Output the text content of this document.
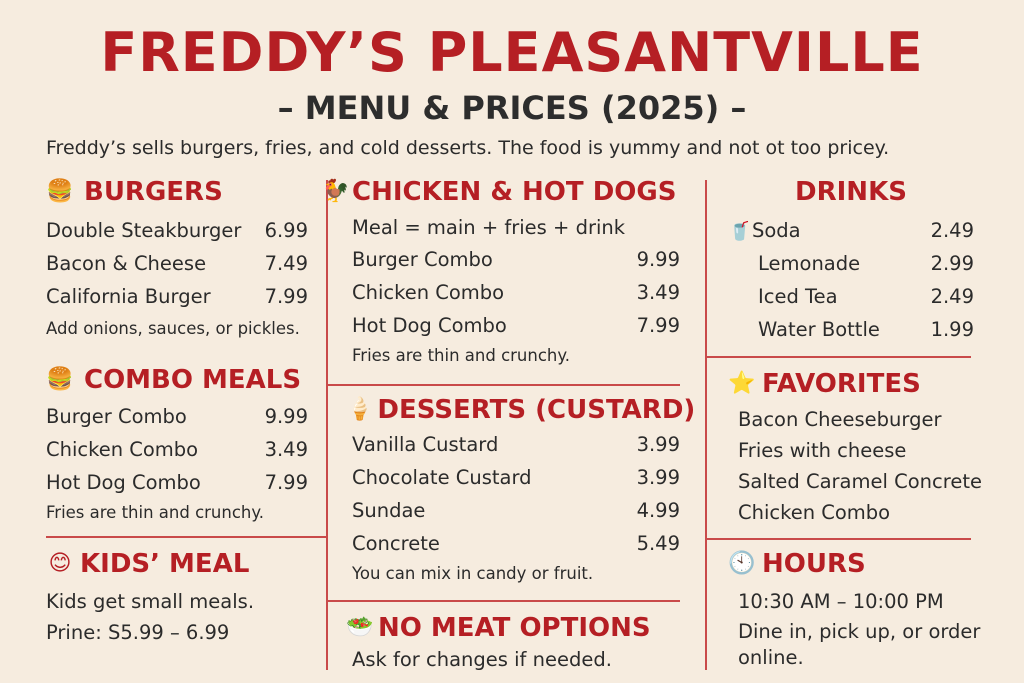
FREDDY’S PLEASANTVILLE
– MENU & PRICES (2025) –
Freddy’s sells burgers, fries, and cold desserts. The food is yummy and not ot too pricey.
🍔 BURGERS
Double Steakburger	6.99
Bacon & Cheese	7.49
California Burger	7.99
Add onions, sauces, or pickles.
🍔 COMBO MEALS
Burger Combo	9.99
Chicken Combo	3.49
Hot Dog Combo	7.99
Fries are thin and crunchy.
😊 KIDS’ MEAL
Kids get small meals.
Prine: S5.99 – 6.99
🐓 CHICKEN & HOT DOGS
Meal = main + fries + drink
Burger Combo	9.99
Chicken Combo	3.49
Hot Dog Combo	7.99
Fries are thin and crunchy.
🍦 DESSERTS (CUSTARD)
Vanilla Custard	3.99
Chocolate Custard	3.99
Sundae	4.99
Concrete	5.49
You can mix in candy or fruit.
🥗 NO MEAT OPTIONS
Ask for changes if needed.
DRINKS
🥤Soda	2.49
Lemonade	2.99
Iced Tea	2.49
Water Bottle	1.99
⭐ FAVORITES
Bacon Cheeseburger
Fries with cheese
Salted Caramel Concrete
Chicken Combo
🕙 HOURS
10:30 AM – 10:00 PM
Dine in, pick up, or order
online.
